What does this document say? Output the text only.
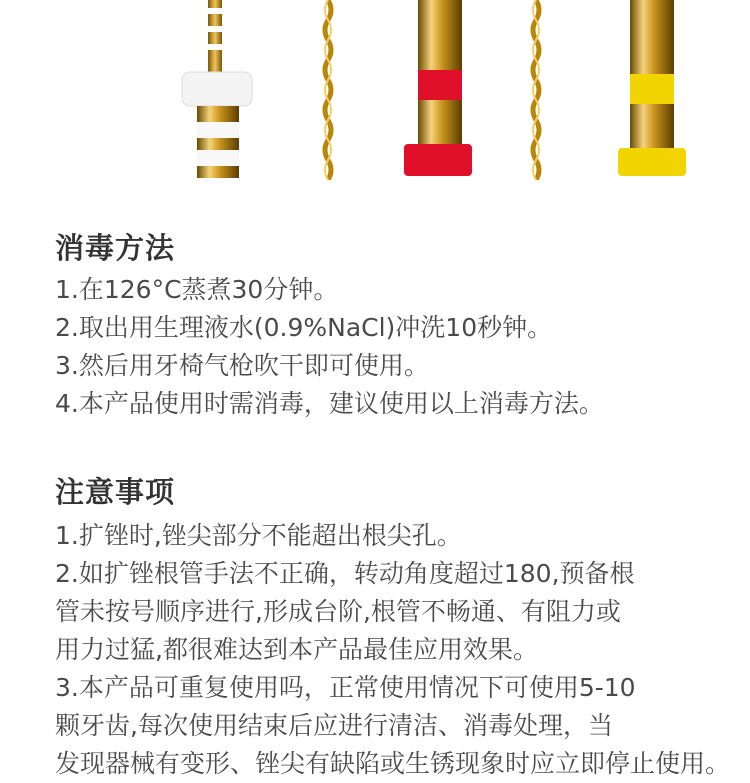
消毒方法

1.在126°C蒸煮30分钟。

2.取出用生理液水(0.9%NaCl)冲洗10秒钟。

3.然后用牙椅气枪吹干即可使用。

4.本产品使用时需消毒，建议使用以上消毒方法。

注意事项

1.扩锉时,锉尖部分不能超出根尖孔。

2.如扩锉根管手法不正确，转动角度超过180,预备根

管未按号顺序进行,形成台阶,根管不畅通、有阻力或

用力过猛,都很难达到本产品最佳应用效果。

3.本产品可重复使用吗，正常使用情况下可使用5-10

颗牙齿,每次使用结束后应进行清洁、消毒处理，当

发现器械有变形、锉尖有缺陷或生锈现象时应立即停止使用。
